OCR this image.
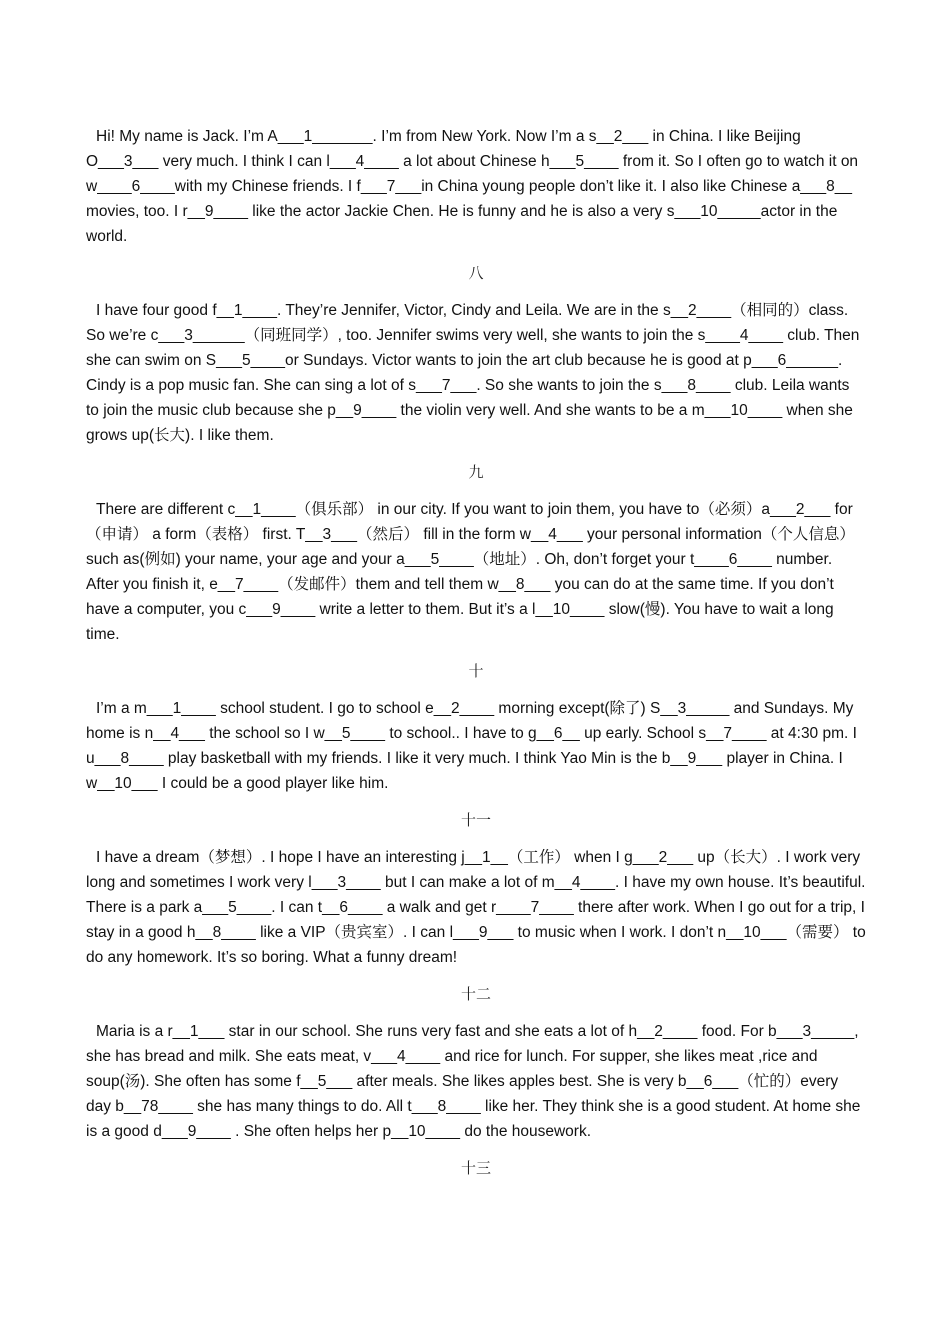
Hi! My name is Jack. I’m A___1_______. I’m from New York. Now I’m a s__2___ in China. I like Beijing O___3___ very much. I think I can l___4____ a lot about Chinese h___5____ from it. So I often go to watch it on w____6____with my Chinese friends. I f___7___in China young people don’t like it. I also like Chinese a___8__ movies, too. I r__9____ like the actor Jackie Chen. He is funny and he is also a very s___10_____actor in the world.

八

I have four good f__1____. They’re Jennifer, Victor, Cindy and Leila. We are in the s__2____（相同的）class. So we’re c___3______（同班同学）, too. Jennifer swims very well, she wants to join the s____4____ club. Then she can swim on S___5____or Sundays. Victor wants to join the art club because he is good at p___6______. Cindy is a pop music fan. She can sing a lot of s___7___. So she wants to join the s___8____ club. Leila wants to join the music club because she p__9____ the violin very well. And she wants to be a m___10____ when she grows up(长大). I like them.

九

There are different c__1____（俱乐部） in our city. If you want to join them, you have to（必须）a___2___ for（申请） a form（表格） first. T__3___（然后） fill in the form w__4___ your personal information（个人信息）such as(例如) your name, your age and your a___5____（地址）. Oh, don’t forget your t____6____ number. After you finish it, e__7____（发邮件）them and tell them w__8___ you can do at the same time. If you don’t have a computer, you c___9____ write a letter to them. But it’s a l__10____ slow(慢). You have to wait a long time.

十

I’m a m___1____ school student. I go to school e__2____ morning except(除了) S__3_____ and Sundays. My home is n__4___ the school so I w__5____ to school.. I have to g__6__ up early. School s__7____ at 4:30 pm. I u___8____ play basketball with my friends. I like it very much. I think Yao Min is the b__9___ player in China. I w__10___ I could be a good player like him.

十一

I have a dream（梦想）. I hope I have an interesting j__1__（工作） when I g___2___ up（长大）. I work very long and sometimes I work very l___3____ but I can make a lot of m__4____. I have my own house. It’s beautiful. There is a park a___5____. I can t__6____ a walk and get r____7____ there after work. When I go out for a trip, I stay in a good h__8____ like a VIP（贵宾室）. I can l___9___ to music when I work. I don’t n__10___（需要） to do any homework. It’s so boring. What a funny dream!

十二

Maria is a r__1___ star in our school. She runs very fast and she eats a lot of h__2____ food. For b___3_____, she has bread and milk. She eats meat, v___4____ and rice for lunch. For supper, she likes meat ,rice and soup(汤). She often has some f__5___ after meals. She likes apples best. She is very b__6___（忙的）every day b__78____ she has many things to do. All t___8____ like her. They think she is a good student. At home she is a good d___9____ . She often helps her p__10____ do the housework.

十三
